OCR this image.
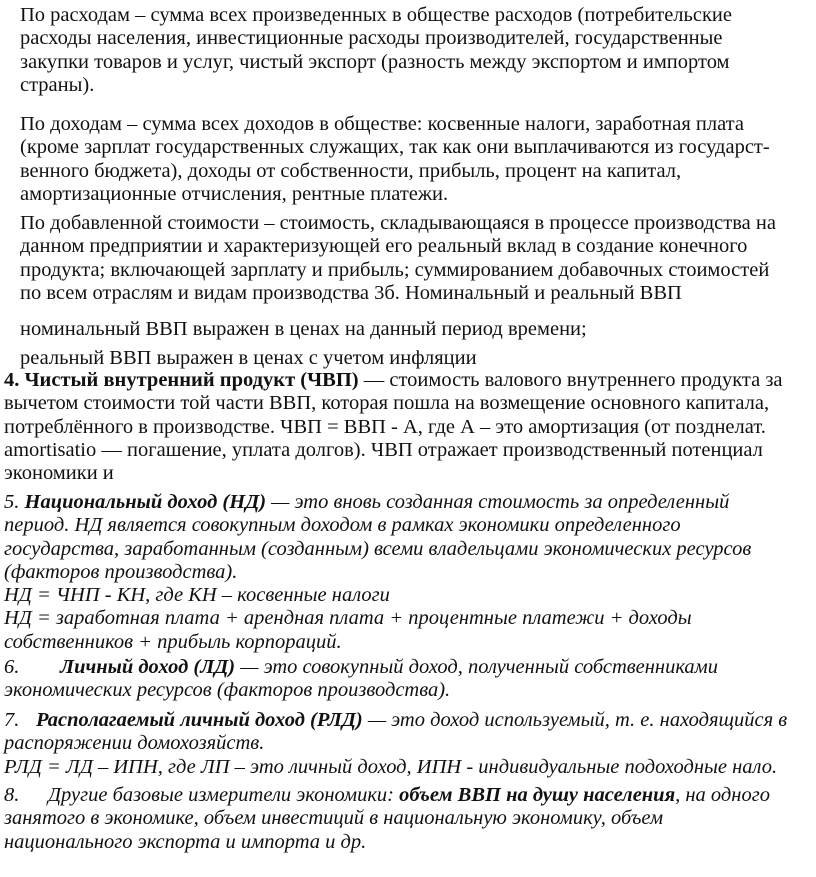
По расходам – сумма всех произведенных в обществе расходов (потребительские
расходы населения, инвестиционные расходы производителей, государственные
закупки товаров и услуг, чистый экспорт (разность между экспортом и импортом
страны).
По доходам – сумма всех доходов в обществе: косвенные налоги, заработная плата
(кроме зарплат государственных служащих, так как они выплачиваются из государст-
венного бюджета), доходы от собственности, прибыль, процент на капитал,
амортизационные отчисления, рентные платежи.
По добавленной стоимости – стоимость, складывающаяся в процессе производства на
данном предприятии и характеризующей его реальный вклад в создание конечного
продукта; включающей зарплату и прибыль; суммированием добавочных стоимостей
по всем отраслям и видам производства 3б. Номинальный и реальный ВВП
номинальный ВВП выражен в ценах на данный период времени;
реальный ВВП выражен в ценах с учетом инфляции
4. Чистый внутренний продукт (ЧВП) — стоимость валового внутреннего продукта за
вычетом стоимости той части ВВП, которая пошла на возмещение основного капитала,
потреблённого в производстве. ЧВП = ВВП - А, где А – это амортизация (от позднелат.
amortisatio — погашение, уплата долгов). ЧВП отражает производственный потенциал
экономики и
5. Национальный доход (НД) — это вновь созданная стоимость за определенный
период. НД является совокупным доходом в рамках экономики определенного
государства, заработанным (созданным) всеми владельцами экономических ресурсов
(факторов производства).
НД = ЧНП - КН, где КН – косвенные налоги
НД = заработная плата + арендная плата + процентные платежи + доходы
собственников + прибыль корпораций.
6. Личный доход (ЛД) — это совокупный доход, полученный собственниками
экономических ресурсов (факторов производства).
7. Располагаемый личный доход (РЛД) — это доход используемый, т. е. находящийся в
распоряжении домохозяйств.
РЛД = ЛД – ИПН, где ЛП – это личный доход, ИПН - индивидуальные подоходные нало.
8. Другие базовые измерители экономики: объем ВВП на душу населения, на одного
занятого в экономике, объем инвестиций в национальную экономику, объем
национального экспорта и импорта и др.
